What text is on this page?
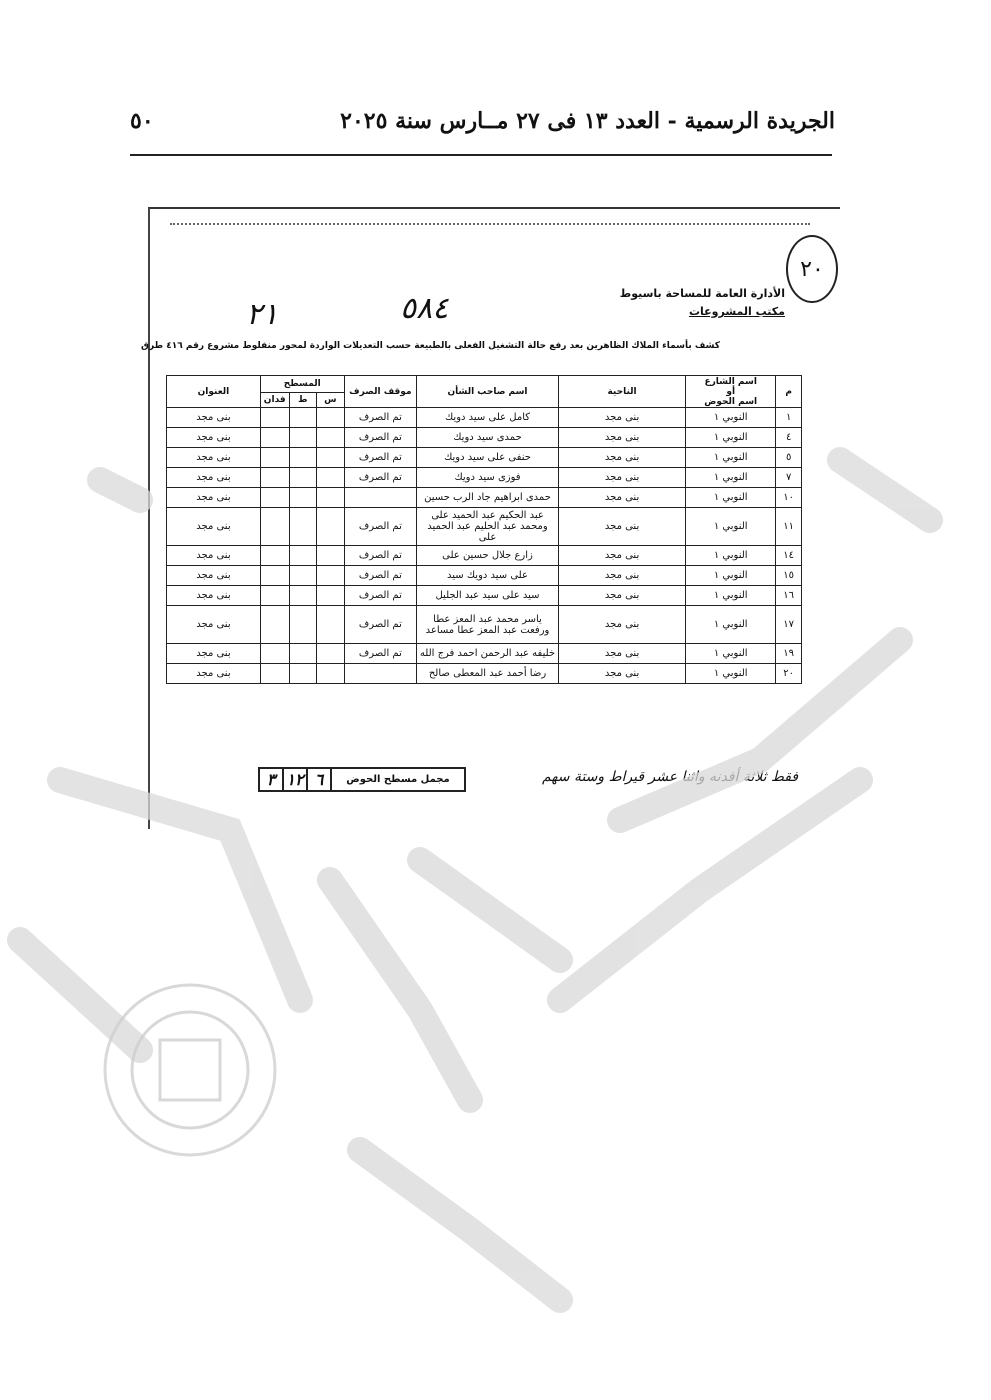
الجريدة الرسمية - العدد ١٣ فى ٢٧ مــارس سنة ٢٠٢٥
٥٠
٢٠
الأدارة العامة للمساحة باسيوط
مكتب المشروعات
٥٨٤
٢١
كشف بأسماء الملاك الظاهرين بعد رفع حالة التشغيل الفعلى بالطبيعة حسب التعديلات الواردة لمحور منفلوط مشروع رقم ٤١٦ طرق
م	اسم الشارع
أو
اسم الحوض	الناحية	اسم صاحب الشأن	موقف الصرف	المسطح			العنوان
					س	ط	فدان	
١	النوبي ١	بنى مجد	كامل على سيد دويك	تم الصرف				بنى مجد
٤	النوبي ١	بنى مجد	حمدى سيد دويك	تم الصرف				بنى مجد
٥	النوبي ١	بنى مجد	حنفى على سيد دويك	تم الصرف				بنى مجد
٧	النوبي ١	بنى مجد	فوزى سيد دويك	تم الصرف				بنى مجد
١٠	النوبي ١	بنى مجد	حمدى ابراهيم جاد الرب حسين					بنى مجد
١١	النوبي ١	بنى مجد	عبد الحكيم عبد الحميد على ومحمد عبد الحليم عبد الحميد على	تم الصرف				بنى مجد
١٤	النوبي ١	بنى مجد	زارع جلال حسين على	تم الصرف				بنى مجد
١٥	النوبي ١	بنى مجد	على سيد دويك سيد	تم الصرف				بنى مجد
١٦	النوبي ١	بنى مجد	سيد على سيد عبد الجليل	تم الصرف				بنى مجد
١٧	النوبي ١	بنى مجد	ياسر محمد عبد المعز عطا ورفعت عبد المعز عطا مساعد	تم الصرف				بنى مجد
١٩	النوبي ١	بنى مجد	خليفه عبد الرحمن احمد فرج الله	تم الصرف				بنى مجد
٢٠	النوبي ١	بنى مجد	رضا أحمد عبد المعطى صالح					بنى مجد
مجمل مسطح الحوض	٦	١٢	٣	فقط ثلاثة أفدنه واثنا عشر قيراط وستة سهم
